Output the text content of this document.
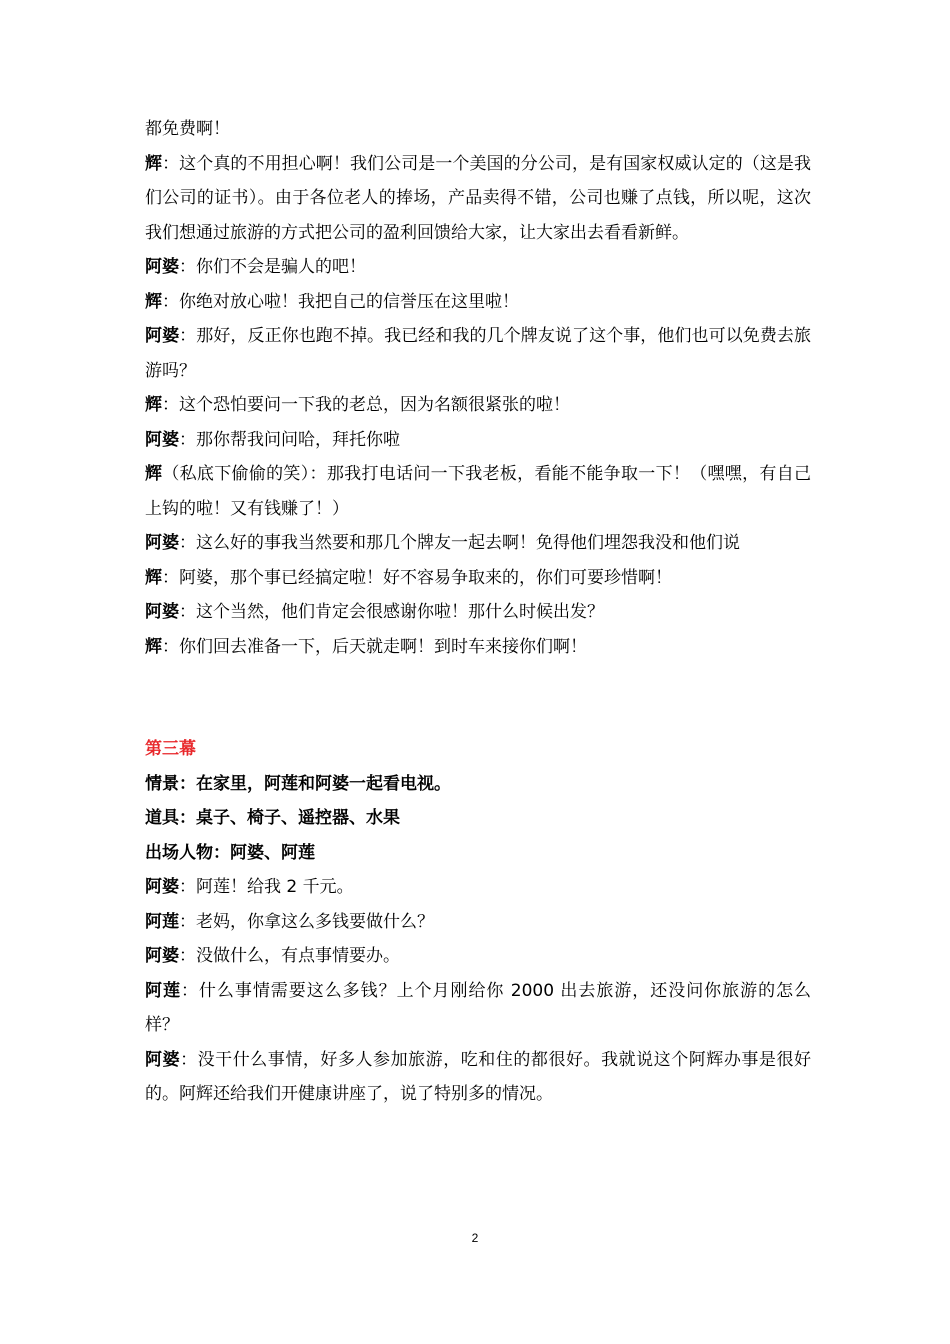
都免费啊！

辉：这个真的不用担心啊！我们公司是一个美国的分公司，是有国家权威认定的（这是我们公司的证书）。由于各位老人的捧场，产品卖得不错，公司也赚了点钱，所以呢，这次我们想通过旅游的方式把公司的盈利回馈给大家，让大家出去看看新鲜。

阿婆：你们不会是骗人的吧！

辉：你绝对放心啦！我把自己的信誉压在这里啦！

阿婆：那好，反正你也跑不掉。我已经和我的几个牌友说了这个事，他们也可以免费去旅游吗？

辉：这个恐怕要问一下我的老总，因为名额很紧张的啦！

阿婆：那你帮我问问哈，拜托你啦

辉（私底下偷偷的笑）：那我打电话问一下我老板，看能不能争取一下！（嘿嘿，有自己上钩的啦！又有钱赚了！）

阿婆：这么好的事我当然要和那几个牌友一起去啊！免得他们埋怨我没和他们说

辉：阿婆，那个事已经搞定啦！好不容易争取来的，你们可要珍惜啊！

阿婆：这个当然，他们肯定会很感谢你啦！那什么时候出发？

辉：你们回去准备一下，后天就走啊！到时车来接你们啊！

第三幕

情景：在家里，阿莲和阿婆一起看电视。

道具：桌子、椅子、遥控器、水果

出场人物：阿婆、阿莲

阿婆：阿莲！给我 2 千元。

阿莲：老妈，你拿这么多钱要做什么？

阿婆：没做什么，有点事情要办。

阿莲：什么事情需要这么多钱？上个月刚给你 2000 出去旅游，还没问你旅游的怎么样？

阿婆：没干什么事情，好多人参加旅游，吃和住的都很好。我就说这个阿辉办事是很好的。阿辉还给我们开健康讲座了，说了特别多的情况。

2
